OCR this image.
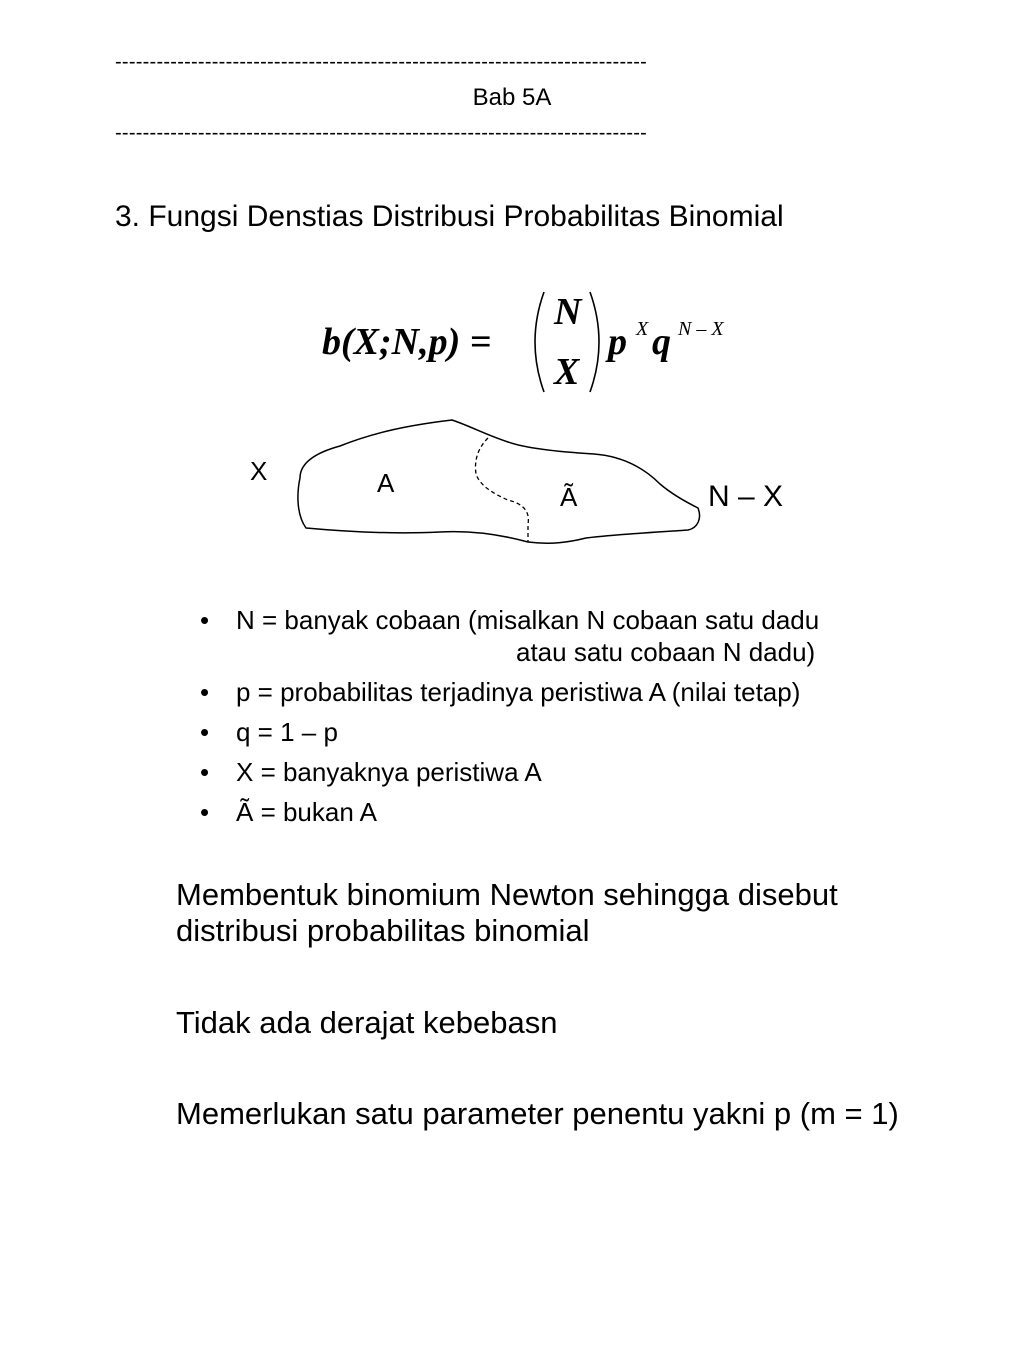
-----------------------------------------------------------------------------
Bab 5A
-----------------------------------------------------------------------------
3. Fungsi Denstias Distribusi Probabilitas Binomial
b(X;N,p) =
N
X
p X q N – X
X	A	Ã	N – X
• N = banyak cobaan (misalkan N cobaan satu dadu
atau satu cobaan N dadu)
• p = probabilitas terjadinya peristiwa A (nilai tetap)
• q = 1 – p
• X = banyaknya peristiwa A
• Ã = bukan A
Membentuk binomium Newton sehingga disebut distribusi probabilitas binomial
Tidak ada derajat kebebasn
Memerlukan satu parameter penentu yakni p (m = 1)
